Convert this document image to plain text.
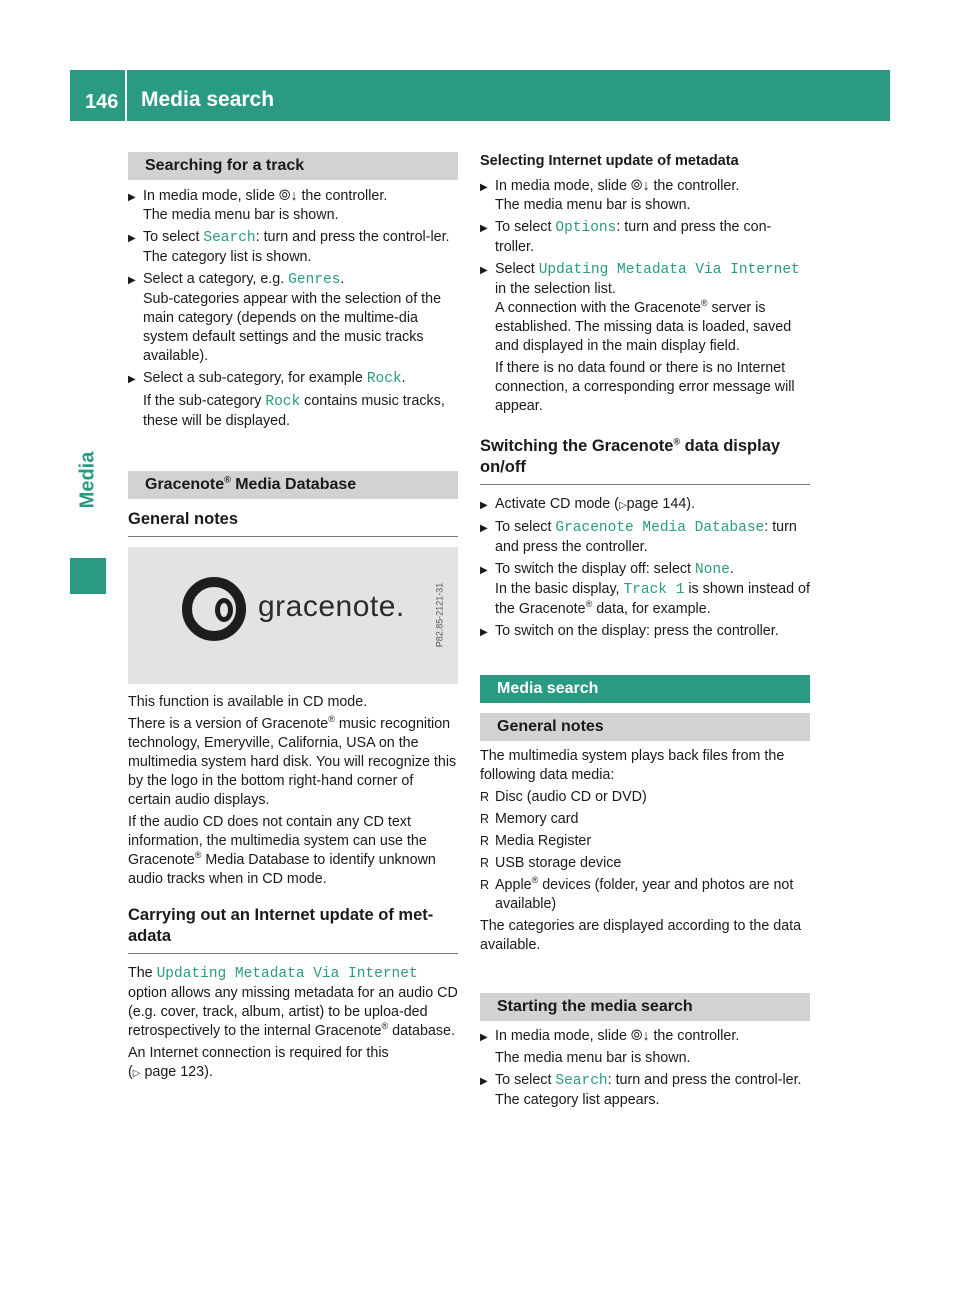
146 Media search
Media
Searching for a track
▶ In media mode, slide ⦾↓ the controller.
The media menu bar is shown.
▶ To select Search: turn and press the control-ler.
The category list is shown.
▶ Select a category, e.g. Genres.
Sub-categories appear with the selection of the main category (depends on the multime-dia system default settings and the music tracks available).
▶ Select a sub-category, for example Rock.
If the sub-category Rock contains music tracks, these will be displayed.
Gracenote® Media Database
General notes
gracenote.	P82.85-2121-31

This function is available in CD mode.

There is a version of Gracenote® music recognition technology, Emeryville, California, USA on the multimedia system hard disk. You will recognize this by the logo in the bottom right-hand corner of certain audio displays.

If the audio CD does not contain any CD text information, the multimedia system can use the Gracenote® Media Database to identify unknown audio tracks when in CD mode.

Carrying out an Internet update of met-adata

The Updating Metadata Via Internet option allows any missing metadata for an audio CD (e.g. cover, track, album, artist) to be uploa-ded retrospectively to the internal Gracenote® database.

An Internet connection is required for this
(▷ page 123).

Selecting Internet update of metadata
▶ In media mode, slide ⦾↓ the controller.
The media menu bar is shown.
▶ To select Options: turn and press the con-troller.
▶ Select Updating Metadata Via Internet in the selection list.
A connection with the Gracenote® server is established. The missing data is loaded, saved and displayed in the main display field.
If there is no data found or there is no Internet connection, a corresponding error message will appear.
Switching the Gracenote® data display on/off
▶ Activate CD mode (▷page 144).
▶ To select Gracenote Media Database: turn and press the controller.
▶ To switch the display off: select None.
In the basic display, Track 1 is shown instead of the Gracenote® data, for example.
▶ To switch on the display: press the controller.
Media search
General notes

The multimedia system plays back files from the following data media:

R Disc (audio CD or DVD)
R Memory card
R Media Register
R USB storage device
R Apple® devices (folder, year and photos are not available)

The categories are displayed according to the data available.

Starting the media search
▶ In media mode, slide ⦾↓ the controller.
The media menu bar is shown.
▶ To select Search: turn and press the control-ler.
The category list appears.
